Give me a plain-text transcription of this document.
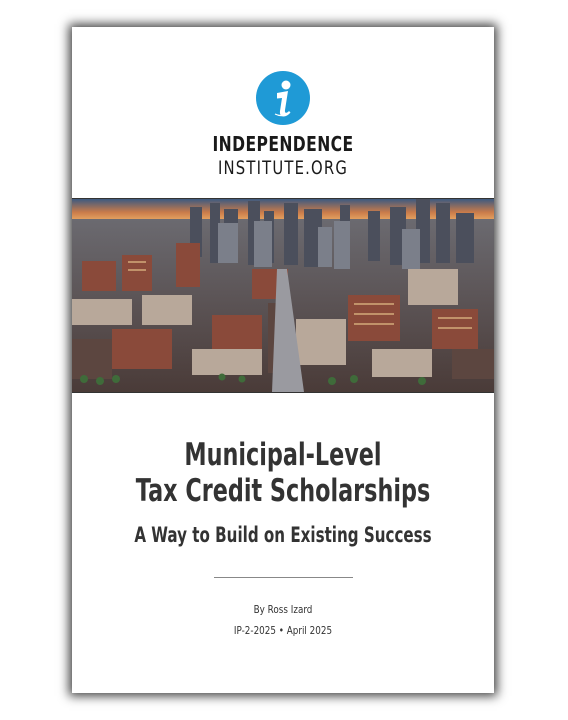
INDEPENDENCE
INSTITUTE.ORG
Municipal-Level
Tax Credit Scholarships
A Way to Build on Existing Success
By Ross Izard
IP-2-2025 • April 2025
